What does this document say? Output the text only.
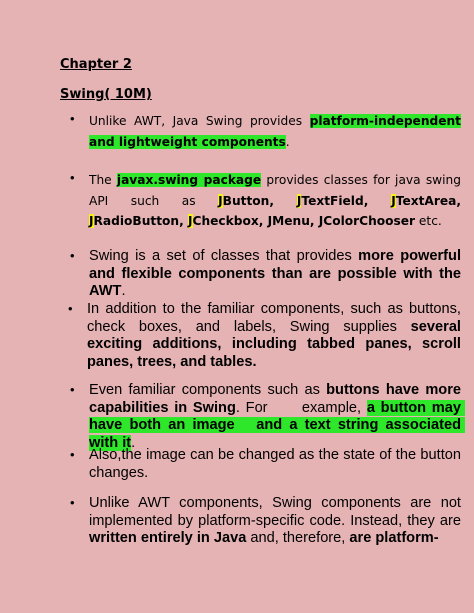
Chapter 2

Swing( 10M)

•	Unlike AWT, Java Swing provides platform-independent and lightweight components.
•	The javax.swing package provides classes for java swing API such as JButton, JTextField, JTextArea, JRadioButton, JCheckbox, JMenu, JColorChooser etc.
• Swing is a set of classes that provides more powerful and flexible components than are possible with the AWT.
• In addition to the familiar components, such as buttons, check boxes, and labels, Swing supplies several exciting additions, including tabbed panes, scroll panes, trees, and tables.
• Even familiar components such as buttons have more capabilities in Swing. For      example, a button may have both an image   and a text string associated with it.
• Also,the image can be changed as the state of the button changes.
• Unlike AWT components, Swing components are not implemented by platform-specific code. Instead, they are written entirely in Java and, therefore, are platform-
